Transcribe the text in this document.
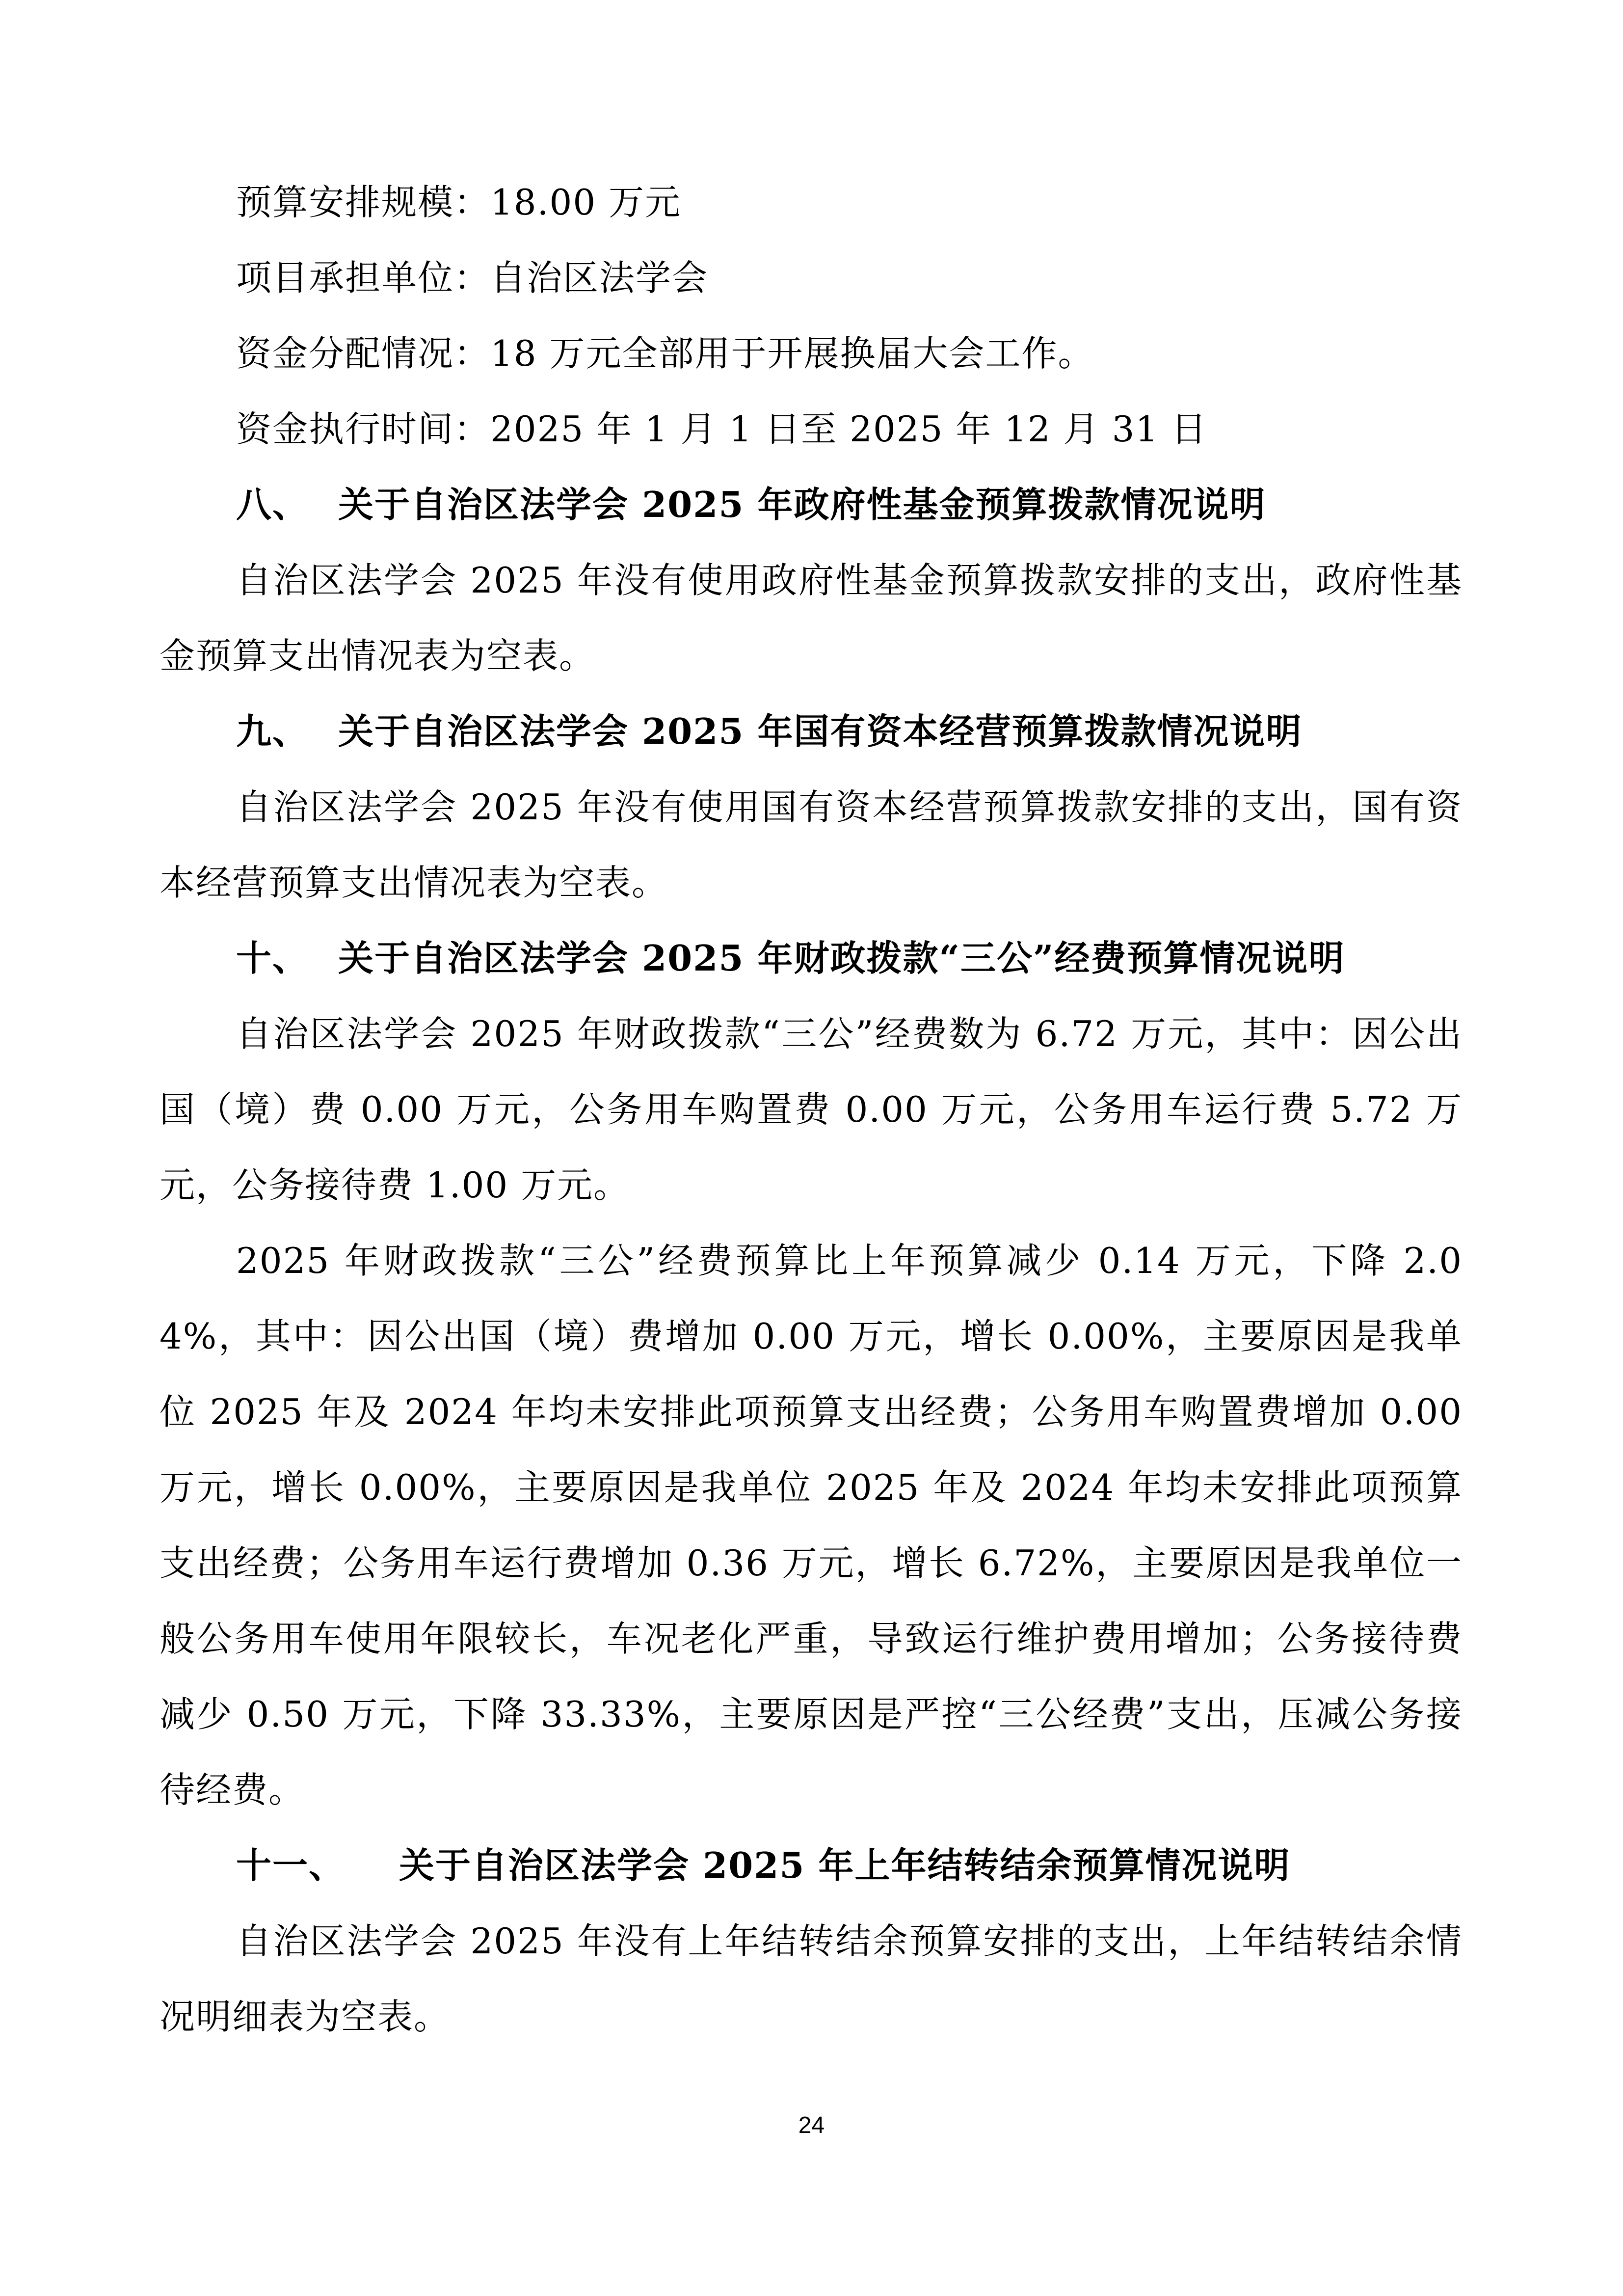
预算安排规模：18.00 万元

项目承担单位：自治区法学会

资金分配情况：18 万元全部用于开展换届大会工作。

资金执行时间：2025 年 1 月 1 日至 2025 年 12 月 31 日

八、 关于自治区法学会 2025 年政府性基金预算拨款情况说明

自治区法学会 2025 年没有使用政府性基金预算拨款安排的支出，政府性基金预算支出情况表为空表。

九、 关于自治区法学会 2025 年国有资本经营预算拨款情况说明

自治区法学会 2025 年没有使用国有资本经营预算拨款安排的支出，国有资本经营预算支出情况表为空表。

十、 关于自治区法学会 2025 年财政拨款“三公”经费预算情况说明

自治区法学会 2025 年财政拨款“三公”经费数为 6.72 万元，其中：因公出国（境）费 0.00 万元，公务用车购置费 0.00 万元，公务用车运行费 5.72 万元，公务接待费 1.00 万元。

2025 年财政拨款“三公”经费预算比上年预算减少 0.14 万元，下降 2.04%，其中：因公出国（境）费增加 0.00 万元，增长 0.00%，主要原因是我单位 2025 年及 2024 年均未安排此项预算支出经费；公务用车购置费增加 0.00 万元，增长 0.00%，主要原因是我单位 2025 年及 2024 年均未安排此项预算支出经费；公务用车运行费增加 0.36 万元，增长 6.72%，主要原因是我单位一般公务用车使用年限较长，车况老化严重，导致运行维护费用增加；公务接待费减少 0.50 万元，下降 33.33%，主要原因是严控“三公经费”支出，压减公务接待经费。

十一、 关于自治区法学会 2025 年上年结转结余预算情况说明

自治区法学会 2025 年没有上年结转结余预算安排的支出，上年结转结余情况明细表为空表。

24
